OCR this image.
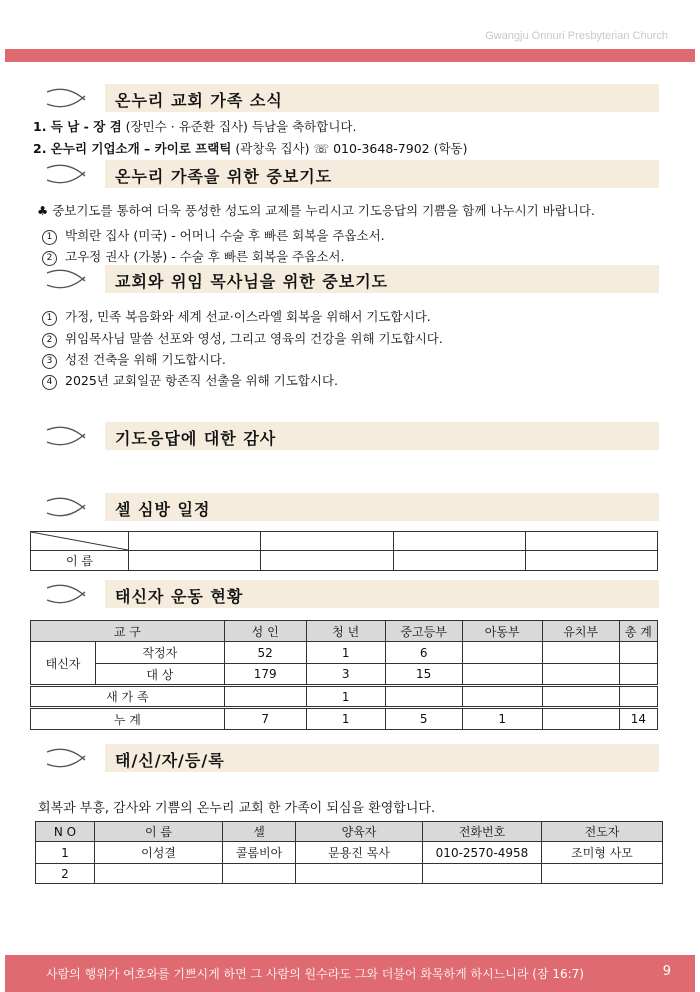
Gwangju Onnuri Presbyterian Church
온누리 교회 가족 소식
1. 득 남 - 장 겸 (장민수 · 유준환 집사) 득남을 축하합니다.
2. 온누리 기업소개 – 카이로 프랙틱 (곽창욱 집사) ☏ 010-3648-7902 (학동)
온누리 가족을 위한 중보기도
♣ 중보기도를 통하여 더욱 풍성한 성도의 교제를 누리시고 기도응답의 기쁨을 함께 나누시기 바랍니다.
1 박희란 집사 (미국) - 어머니 수술 후 빠른 회복을 주옵소서.
2 고우정 권사 (가봉) - 수술 후 빠른 회복을 주옵소서.
교회와 위임 목사님을 위한 중보기도
1 가정, 민족 복음화와 세계 선교·이스라엘 회복을 위해서 기도합시다.
2 위임목사님 말씀 선포와 영성, 그리고 영육의 건강을 위해 기도합시다.
3 성전 건축을 위해 기도합시다.
4 2025년 교회일꾼 항존직 선출을 위해 기도합시다.
기도응답에 대한 감사
셀 심방 일정

이 름				
태신자 운동 현황
교 구		성 인	청 년	중고등부	아동부	유치부	총 계
태신자	작정자	52	1	6			
	대 상	179	3	15			
새 가 족			1				
누 계		7	1	5	1		14
태/신/자/등/록
회복과 부흥, 감사와 기쁨의 온누리 교회 한 가족이 되심을 환영합니다.
N O	이 름	셀	양육자	전화번호	전도자
1	이성결	콜롬비아	문용진 목사	010-2570-4958	조미형 사모
2					
사람의 행위가 여호와를 기쁘시게 하면 그 사람의 원수라도 그와 더불어 화목하게 하시느니라 (잠 16:7)	9
